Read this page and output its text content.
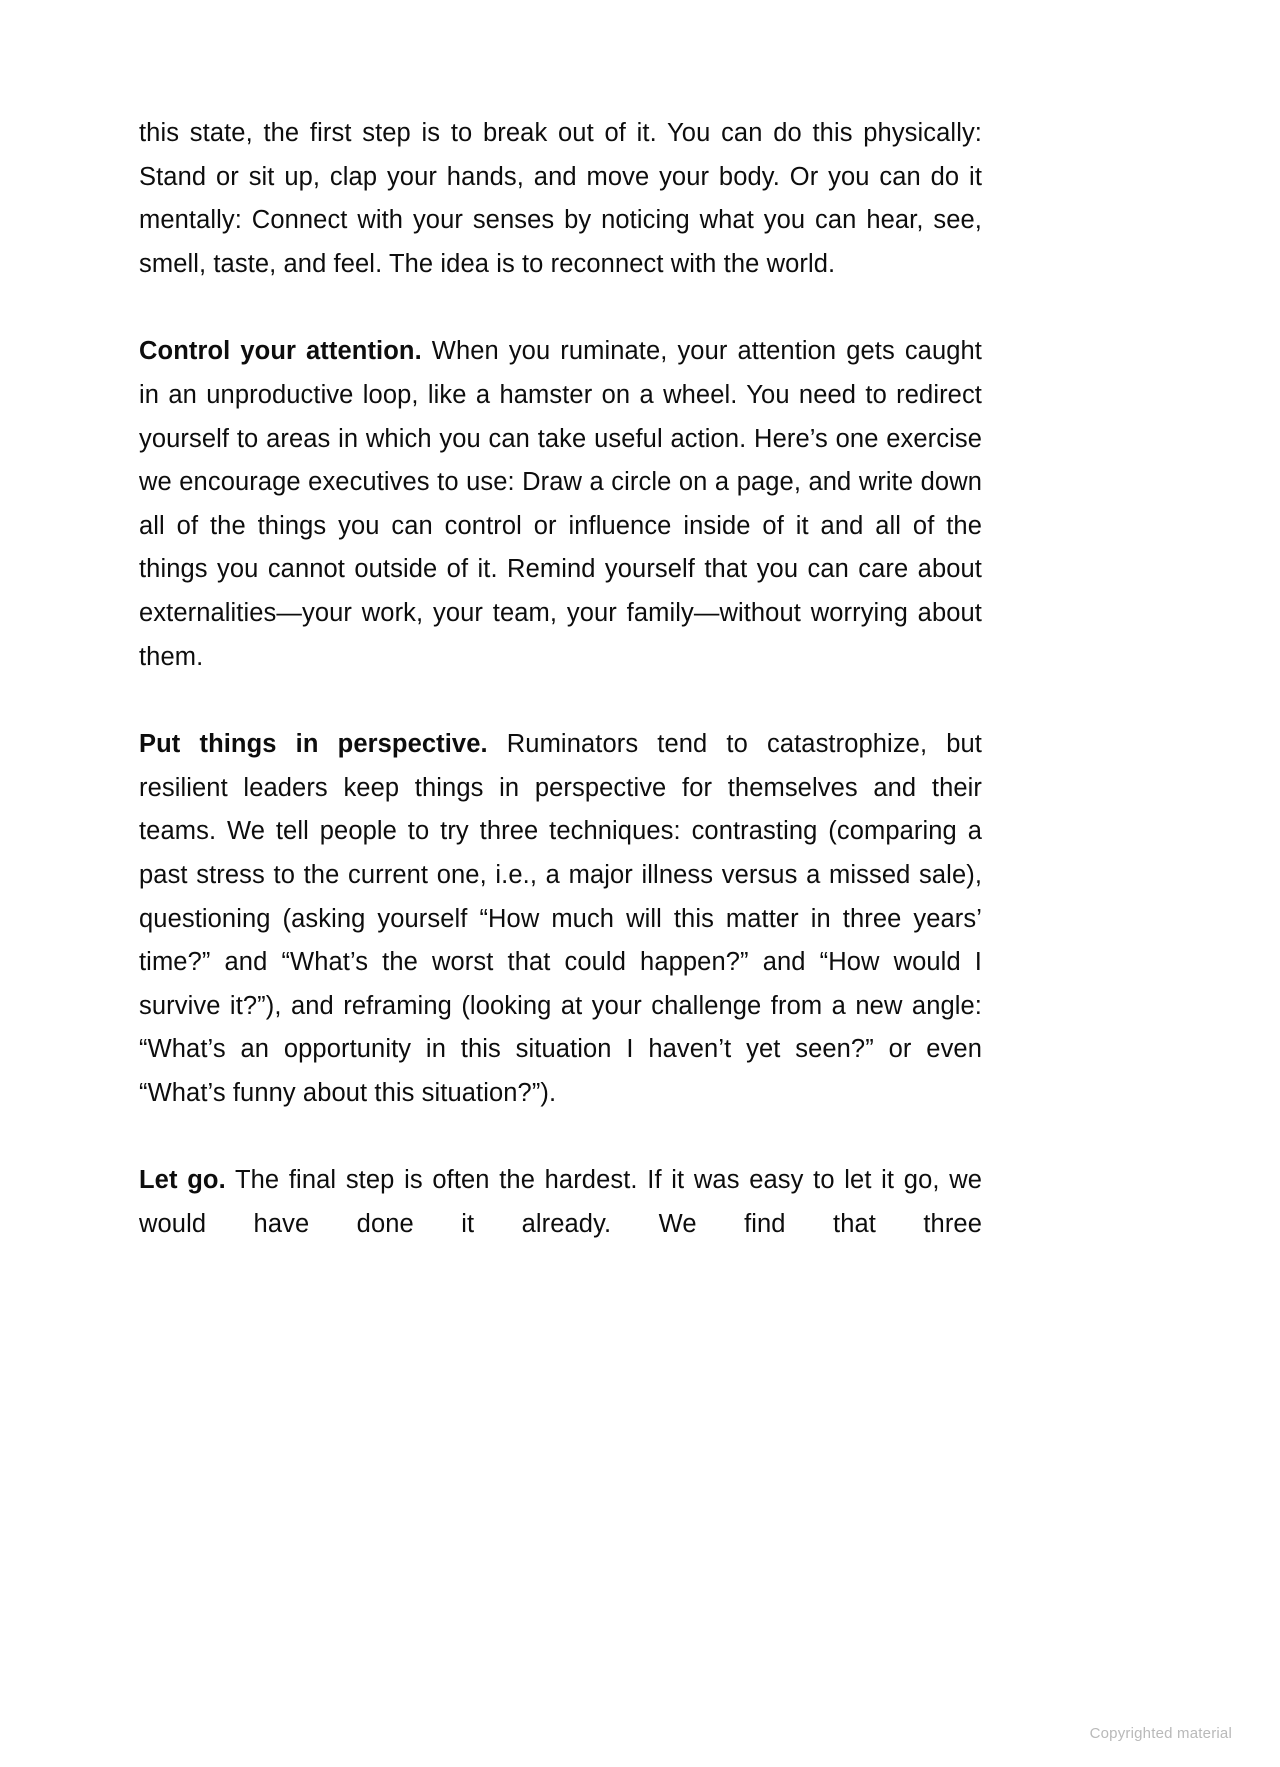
this state, the first step is to break out of it. You can do this physically: Stand or sit up, clap your hands, and move your body. Or you can do it mentally: Connect with your senses by noticing what you can hear, see, smell, taste, and feel. The idea is to reconnect with the world.

Control your attention. When you ruminate, your attention gets caught in an unproductive loop, like a hamster on a wheel. You need to redirect yourself to areas in which you can take useful action. Here’s one exercise we encourage executives to use: Draw a circle on a page, and write down all of the things you can control or influence inside of it and all of the things you cannot outside of it. Remind yourself that you can care about externalities—your work, your team, your family—without worrying about them.

Put things in perspective. Ruminators tend to catastrophize, but resilient leaders keep things in perspective for themselves and their teams. We tell people to try three techniques: contrasting (comparing a past stress to the current one, i.e., a major illness versus a missed sale), questioning (asking yourself “How much will this matter in three years’ time?” and “What’s the worst that could happen?” and “How would I survive it?”), and reframing (looking at your challenge from a new angle: “What’s an opportunity in this situation I haven’t yet seen?” or even “What’s funny about this situation?”).

Let go. The final step is often the hardest. If it was easy to let it go, we would have done it already. We find that three

Copyrighted material
